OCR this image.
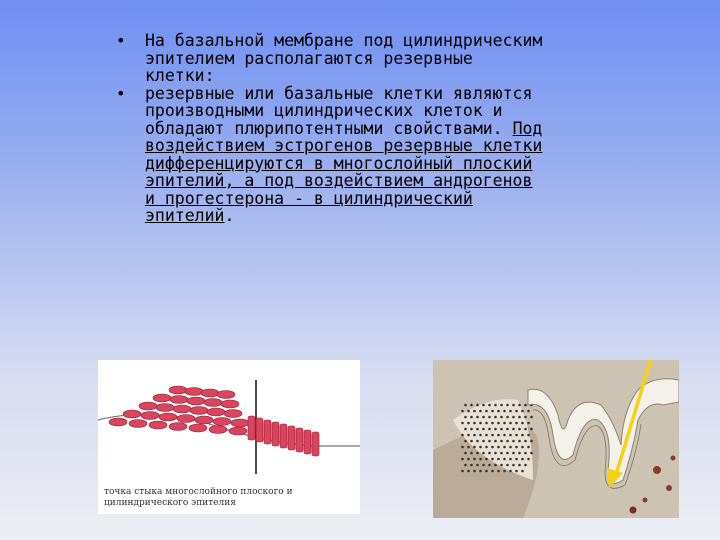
• На базальной мембране под цилиндрическим эпителием располагаются резервные клетки:
• резервные или базальные клетки являются производными цилиндрических клеток и обладают плюрипотентными свойствами. Под воздействием эстрогенов резервные клетки дифференцируются в многослойный плоский эпителий, а под воздействием андрогенов и прогестерона - в цилиндрический эпителий.
точка стыка многослойного плоского и цилиндрического эпителия
